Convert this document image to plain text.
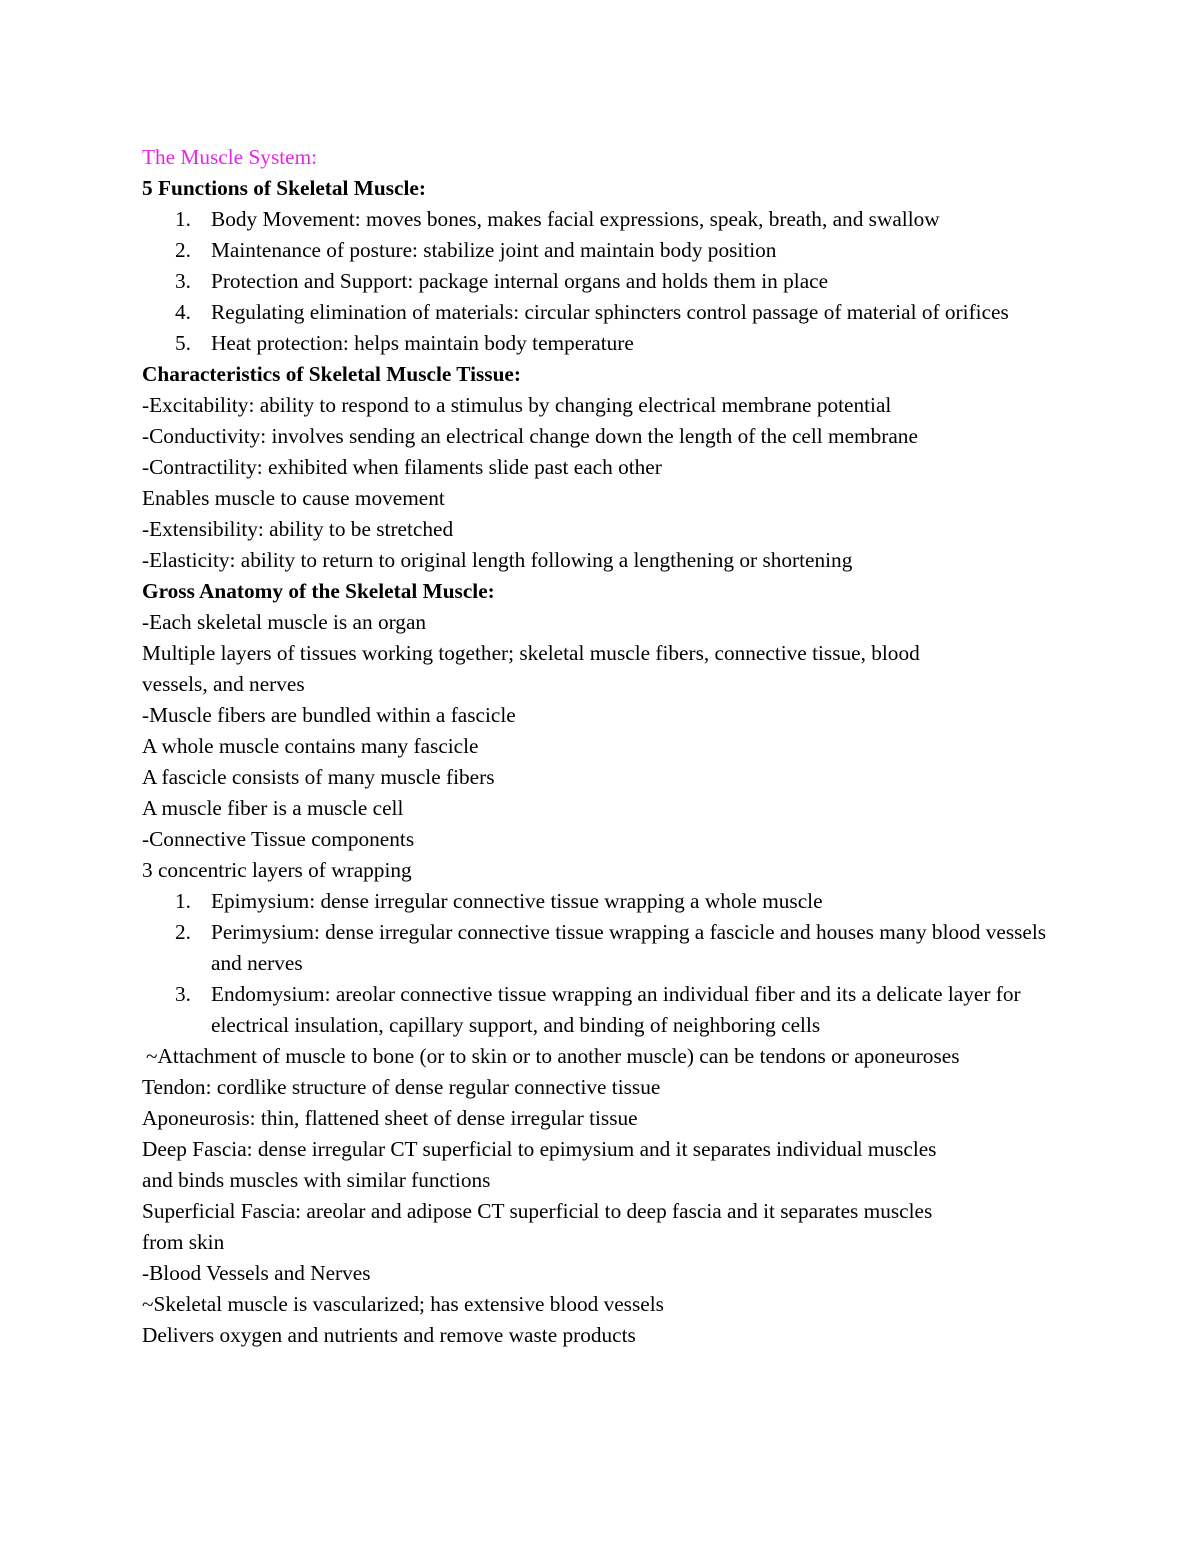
The Muscle System:
5 Functions of Skeletal Muscle:
1. Body Movement: moves bones, makes facial expressions, speak, breath, and swallow
2. Maintenance of posture: stabilize joint and maintain body position
3. Protection and Support: package internal organs and holds them in place
4. Regulating elimination of materials: circular sphincters control passage of material of orifices
5. Heat protection: helps maintain body temperature
Characteristics of Skeletal Muscle Tissue:
-Excitability: ability to respond to a stimulus by changing electrical membrane potential
-Conductivity: involves sending an electrical change down the length of the cell membrane
-Contractility: exhibited when filaments slide past each other
Enables muscle to cause movement
-Extensibility: ability to be stretched
-Elasticity: ability to return to original length following a lengthening or shortening
Gross Anatomy of the Skeletal Muscle:
-Each skeletal muscle is an organ
Multiple layers of tissues working together; skeletal muscle fibers, connective tissue, blood
vessels, and nerves
-Muscle fibers are bundled within a fascicle
A whole muscle contains many fascicle
A fascicle consists of many muscle fibers
A muscle fiber is a muscle cell
-Connective Tissue components
3 concentric layers of wrapping
1. Epimysium: dense irregular connective tissue wrapping a whole muscle
2. Perimysium: dense irregular connective tissue wrapping a fascicle and houses many blood vessels and nerves
3. Endomysium: areolar connective tissue wrapping an individual fiber and its a delicate layer for electrical insulation, capillary support, and binding of neighboring cells
~Attachment of muscle to bone (or to skin or to another muscle) can be tendons or aponeuroses
Tendon: cordlike structure of dense regular connective tissue
Aponeurosis: thin, flattened sheet of dense irregular tissue
Deep Fascia: dense irregular CT superficial to epimysium and it separates individual muscles
and binds muscles with similar functions
Superficial Fascia: areolar and adipose CT superficial to deep fascia and it separates muscles
from skin
-Blood Vessels and Nerves
~Skeletal muscle is vascularized; has extensive blood vessels
Delivers oxygen and nutrients and remove waste products
